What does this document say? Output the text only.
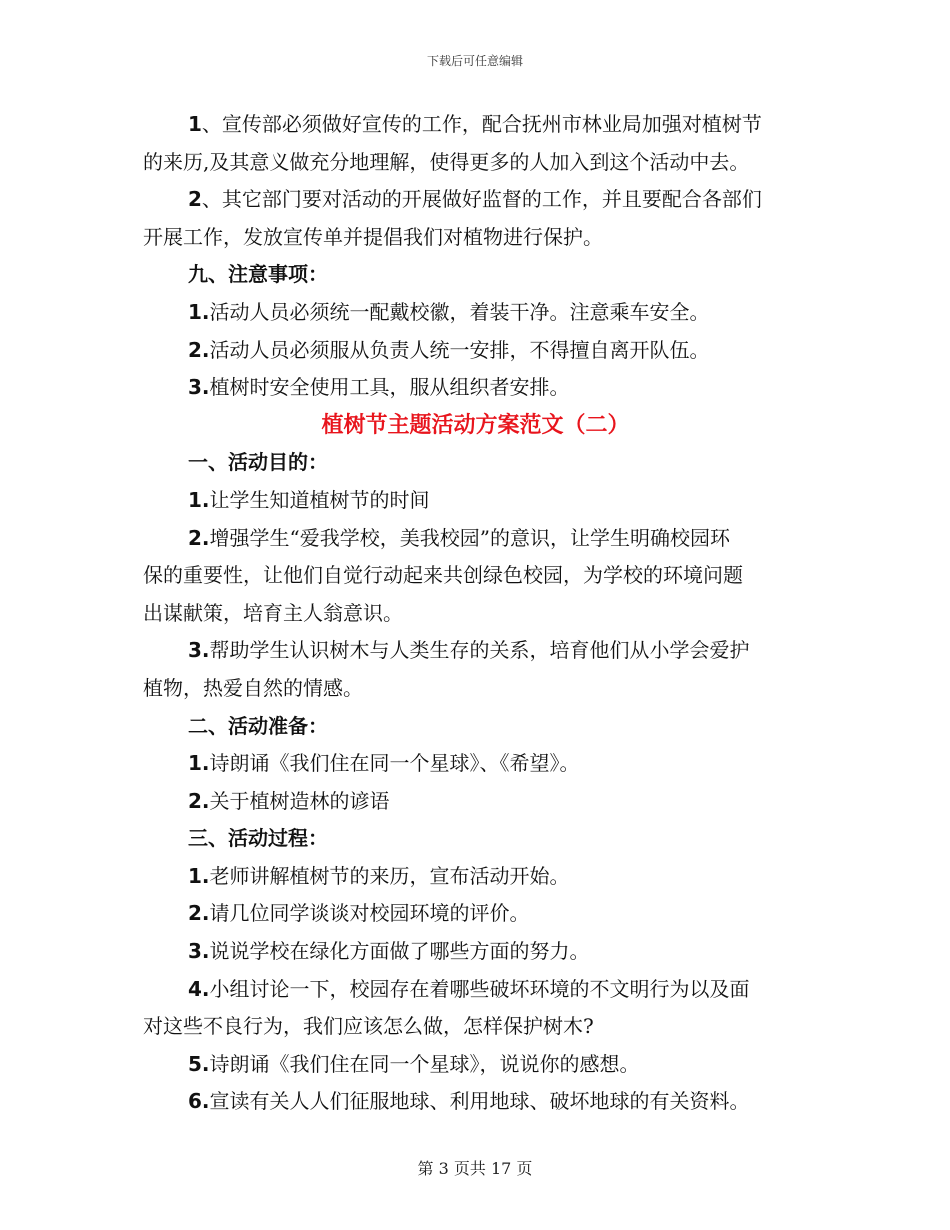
下载后可任意编辑
1、宣传部必须做好宣传的工作，配合抚州市林业局加强对植树节
的来历,及其意义做充分地理解，使得更多的人加入到这个活动中去。
2、其它部门要对活动的开展做好监督的工作，并且要配合各部们
开展工作，发放宣传单并提倡我们对植物进行保护。
九、注意事项：
1.活动人员必须统一配戴校徽，着装干净。注意乘车安全。
2.活动人员必须服从负责人统一安排，不得擅自离开队伍。
3.植树时安全使用工具，服从组织者安排。
植树节主题活动方案范文（二）
一、活动目的：
1.让学生知道植树节的时间
2.增强学生“爱我学校，美我校园”的意识，让学生明确校园环
保的重要性，让他们自觉行动起来共创绿色校园，为学校的环境问题
出谋献策，培育主人翁意识。
3.帮助学生认识树木与人类生存的关系，培育他们从小学会爱护
植物，热爱自然的情感。
二、活动准备：
1.诗朗诵《我们住在同一个星球》、《希望》。
2.关于植树造林的谚语
三、活动过程：
1.老师讲解植树节的来历，宣布活动开始。
2.请几位同学谈谈对校园环境的评价。
3.说说学校在绿化方面做了哪些方面的努力。
4.小组讨论一下，校园存在着哪些破坏环境的不文明行为以及面
对这些不良行为，我们应该怎么做，怎样保护树木?
5.诗朗诵《我们住在同一个星球》，说说你的感想。
6.宣读有关人人们征服地球、利用地球、破坏地球的有关资料。
第 3 页共 17 页
